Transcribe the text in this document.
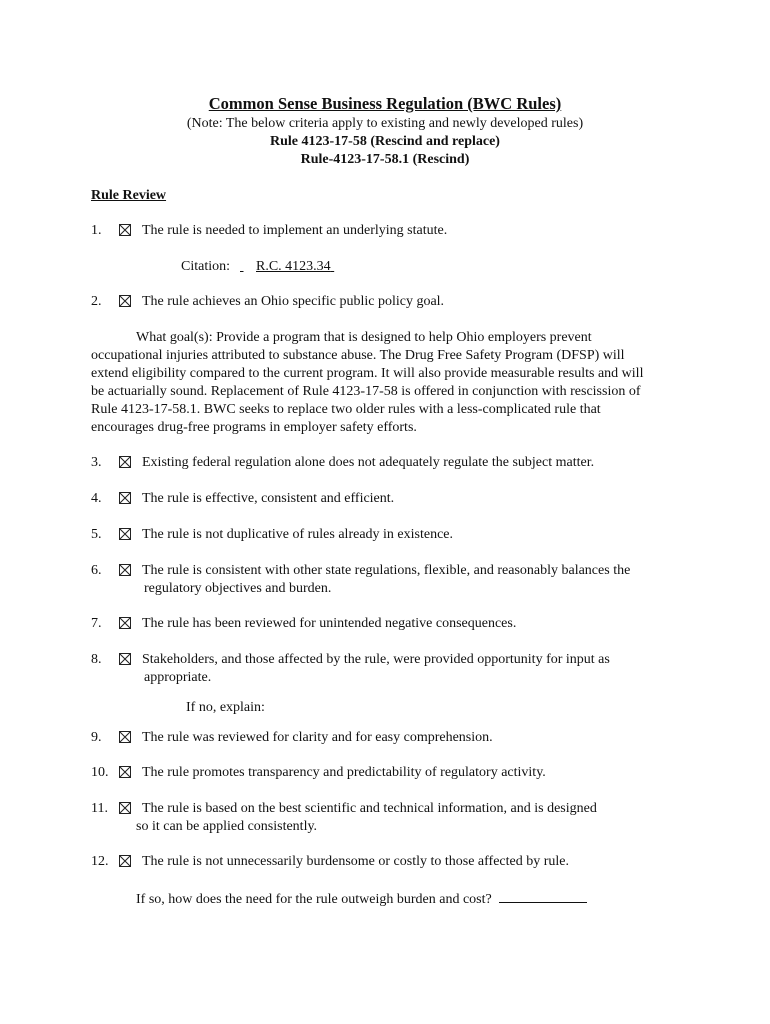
Common Sense Business Regulation (BWC Rules)
(Note: The below criteria apply to existing and newly developed rules)
Rule 4123-17-58 (Rescind and replace)
Rule-4123-17-58.1 (Rescind)
Rule Review
1.	The rule is needed to implement an underlying statute.
Citation:	R.C. 4123.34
2.	The rule achieves an Ohio specific public policy goal.
What goal(s): Provide a program that is designed to help Ohio employers prevent
occupational injuries attributed to substance abuse. The Drug Free Safety Program (DFSP) will
extend eligibility compared to the current program. It will also provide measurable results and will
be actuarially sound. Replacement of Rule 4123-17-58 is offered in conjunction with rescission of
Rule 4123-17-58.1. BWC seeks to replace two older rules with a less-complicated rule that
encourages drug-free programs in employer safety efforts.
3.	Existing federal regulation alone does not adequately regulate the subject matter.
4.	The rule is effective, consistent and efficient.
5.	The rule is not duplicative of rules already in existence.
6.	The rule is consistent with other state regulations, flexible, and reasonably balances the
regulatory objectives and burden.
7.	The rule has been reviewed for unintended negative consequences.
8.	Stakeholders, and those affected by the rule, were provided opportunity for input as
appropriate.
If no, explain:
9.	The rule was reviewed for clarity and for easy comprehension.
10.	The rule promotes transparency and predictability of regulatory activity.
11.	The rule is based on the best scientific and technical information, and is designed
so it can be applied consistently.
12.	The rule is not unnecessarily burdensome or costly to those affected by rule.
If so, how does the need for the rule outweigh burden and cost?
